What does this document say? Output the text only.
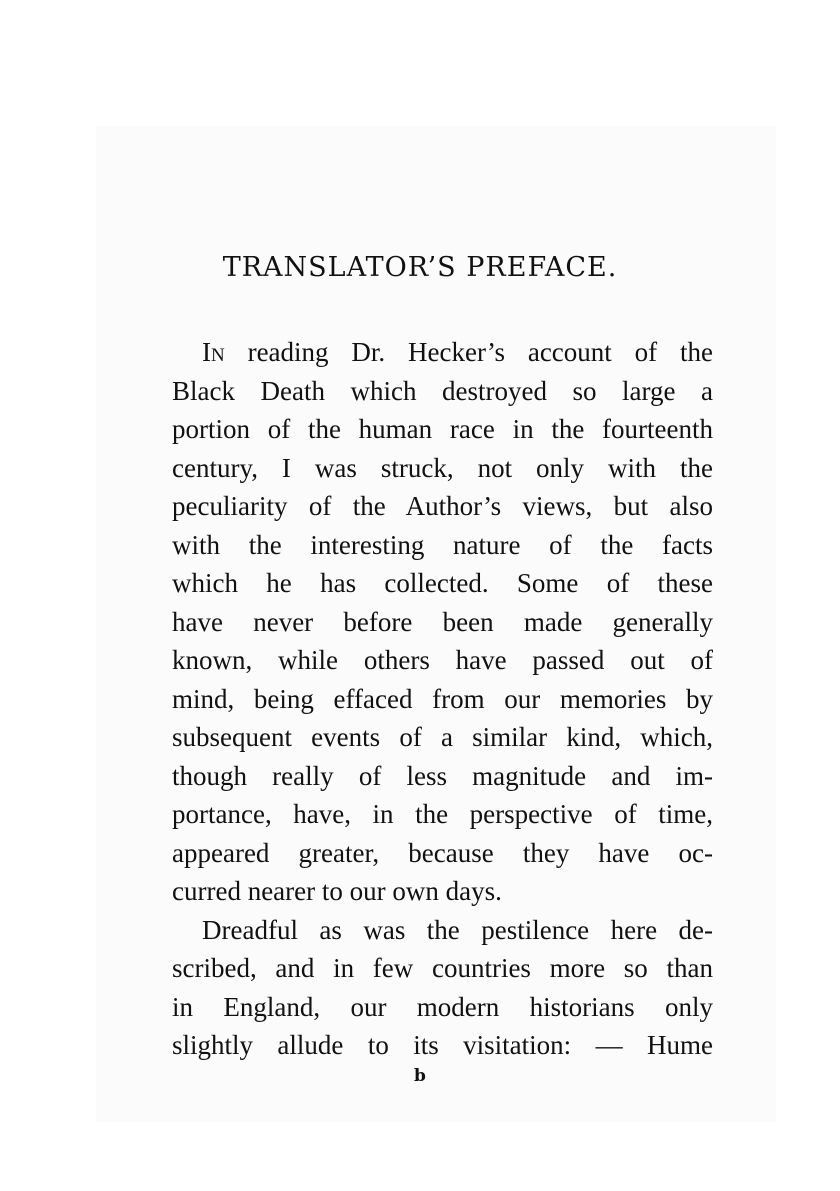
TRANSLATOR’S PREFACE.
In reading Dr. Hecker’s account of the
Black Death which destroyed so large a
portion of the human race in the fourteenth
century, I was struck, not only with the
peculiarity of the Author’s views, but also
with the interesting nature of the facts
which he has collected. Some of these
have never before been made generally
known, while others have passed out of
mind, being effaced from our memories by
subsequent events of a similar kind, which,
though really of less magnitude and im-
portance, have, in the perspective of time,
appeared greater, because they have oc-
curred nearer to our own days.
Dreadful as was the pestilence here de-
scribed, and in few countries more so than
in England, our modern historians only
slightly allude to its visitation: — Hume
b
